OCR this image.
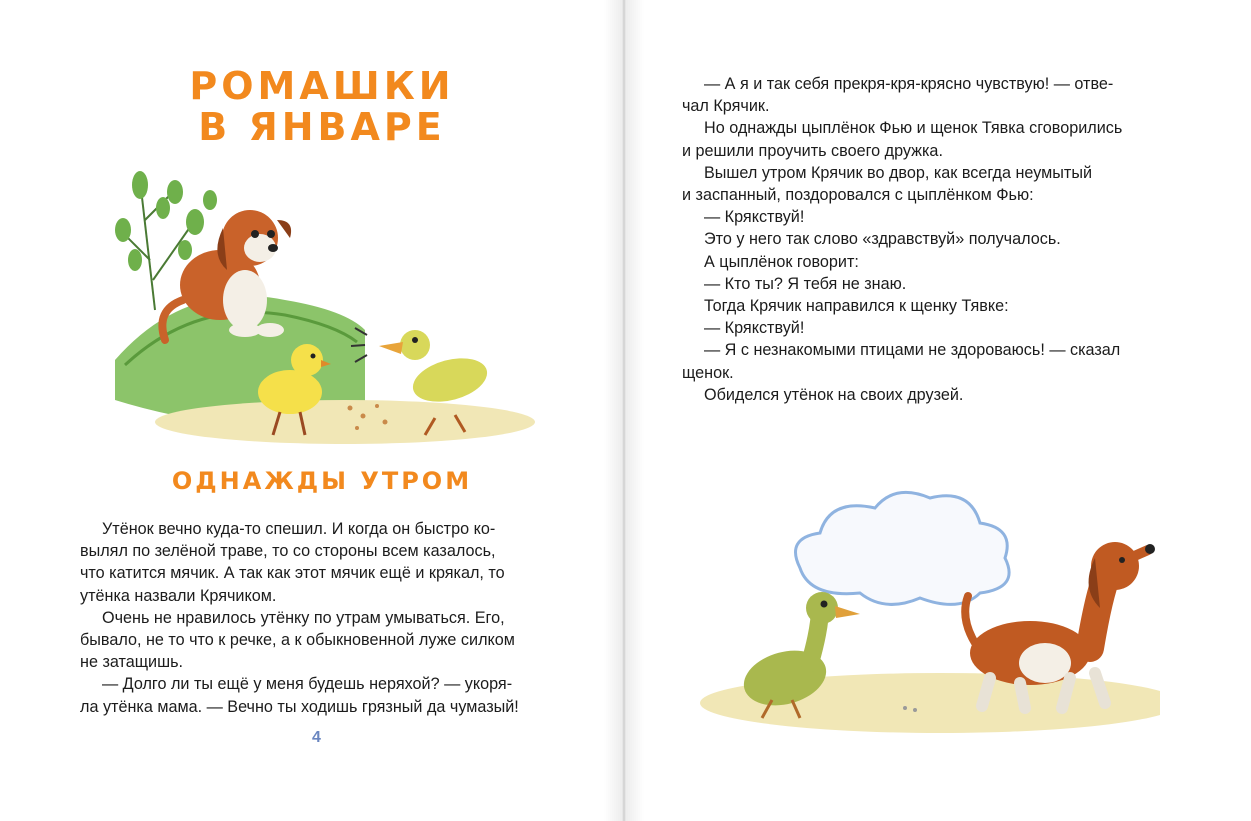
РОМАШКИ
В ЯНВАРЕ
ОДНАЖДЫ УТРОМ

Утёнок вечно куда-то спешил. И когда он быстро ко-

вылял по зелёной траве, то со стороны всем казалось,

что катится мячик. А так как этот мячик ещё и крякал, то

утёнка назвали Крячиком.

Очень не нравилось утёнку по утрам умываться. Его,

бывало, не то что к речке, а к обыкновенной луже силком

не затащишь.

— Долго ли ты ещё у меня будешь неряхой? — укоря-

ла утёнка мама. — Вечно ты ходишь грязный да чумазый!

4

— А я и так себя прекря-кря-крясно чувствую! — отве-

чал Крячик.

Но однажды цыплёнок Фью и щенок Тявка сговорились

и решили проучить своего дружка.

Вышел утром Крячик во двор, как всегда неумытый

и заспанный, поздоровался с цыплёнком Фью:

— Крякствуй!

Это у него так слово «здравствуй» получалось.

А цыплёнок говорит:

— Кто ты? Я тебя не знаю.

Тогда Крячик направился к щенку Тявке:

— Крякствуй!

— Я с незнакомыми птицами не здороваюсь! — сказал

щенок.

Обиделся утёнок на своих друзей.
